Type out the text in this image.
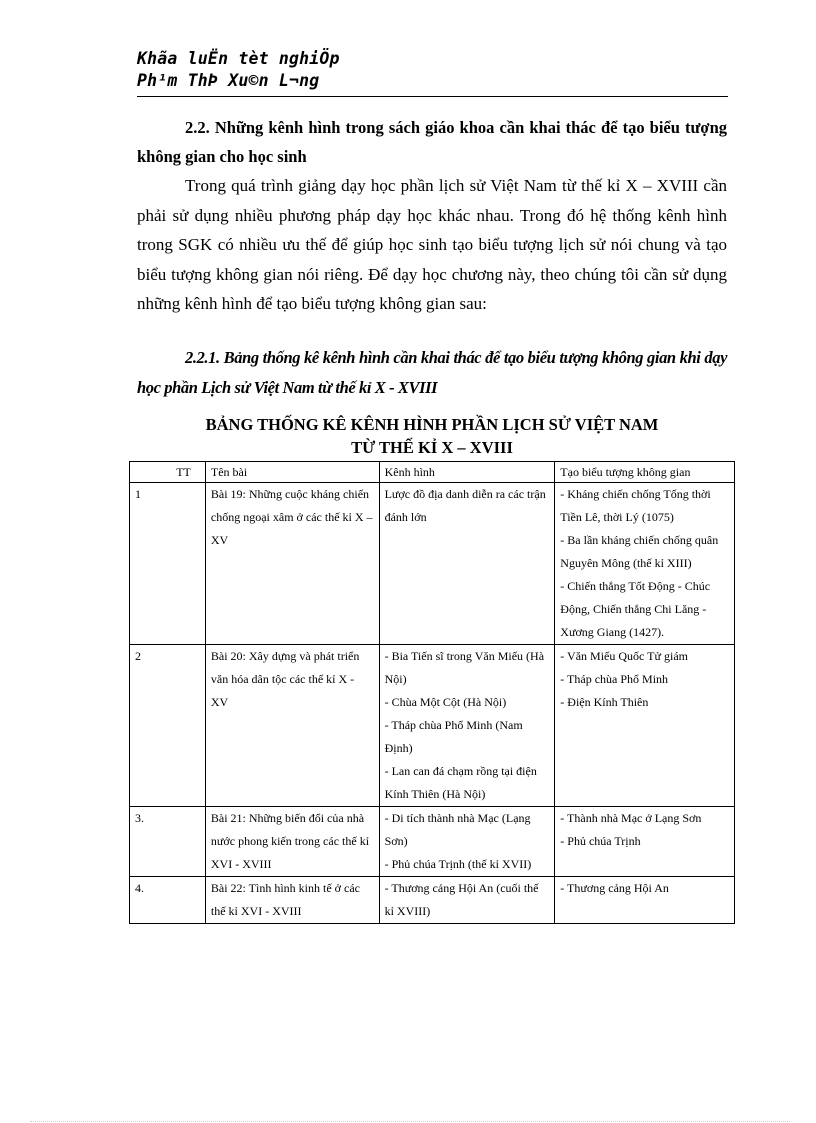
Khãa luËn tèt nghiÖp
Ph¹m ThÞ Xu©n L¬ng
2.2. Những kênh hình trong sách giáo khoa cần khai thác để tạo biểu tượng không gian cho học sinh

Trong quá trình giảng dạy học phần lịch sử Việt Nam từ thế kỉ X – XVIII cần phải sử dụng nhiều phương pháp dạy học khác nhau. Trong đó hệ thống kênh hình trong SGK có nhiều ưu thế để giúp học sinh tạo biểu tượng lịch sử nói chung và tạo biểu tượng không gian nói riêng. Để dạy học chương này, theo chúng tôi cần sử dụng những kênh hình để tạo biểu tượng không gian sau:

2.2.1. Bảng thống kê kênh hình cần khai thác để tạo biểu tượng không gian khi dạy học phần Lịch sử Việt Nam từ thế kỉ X - XVIII
BẢNG THỐNG KÊ KÊNH HÌNH PHẦN LỊCH SỬ VIỆT NAM
TỪ THẾ KỈ X – XVIII
TT	Tên bài	Kênh hình	Tạo biểu tượng không gian
1	Bài 19: Những cuộc kháng chiến chống ngoại xâm ở các thế kỉ X – XV	Lược đồ địa danh diễn ra các trận đánh lớn	- Kháng chiến chống Tống thời Tiền Lê, thời Lý (1075)
- Ba lần kháng chiến chống quân Nguyên Mông (thế kỉ XIII)
- Chiến thắng Tốt Động - Chúc Động, Chiến thắng Chi Lăng - Xương Giang (1427).

2	Bài 20: Xây dựng và phát triển văn hóa dân tộc các thế kỉ X - XV	- Bia Tiến sĩ trong Văn Miếu (Hà Nội)
- Chùa Một Cột (Hà Nội)
- Tháp chùa Phổ Minh (Nam Định)
- Lan can đá chạm rồng tại điện Kính Thiên (Hà Nội)	- Văn Miếu Quốc Tử giám
- Tháp chùa Phổ Minh
- Điện Kính Thiên

3.	Bài 21: Những biến đổi của nhà nước phong kiến trong các thế kỉ XVI - XVIII	- Di tích thành nhà Mạc (Lạng Sơn)
- Phủ chúa Trịnh (thế kỉ XVII)	- Thành nhà Mạc ở Lạng Sơn
- Phủ chúa Trịnh

4.	Bài 22: Tình hình kinh tế ở các thế kỉ XVI - XVIII	- Thương cảng Hội An (cuối thế kỉ XVIII)	- Thương cảng Hội An
